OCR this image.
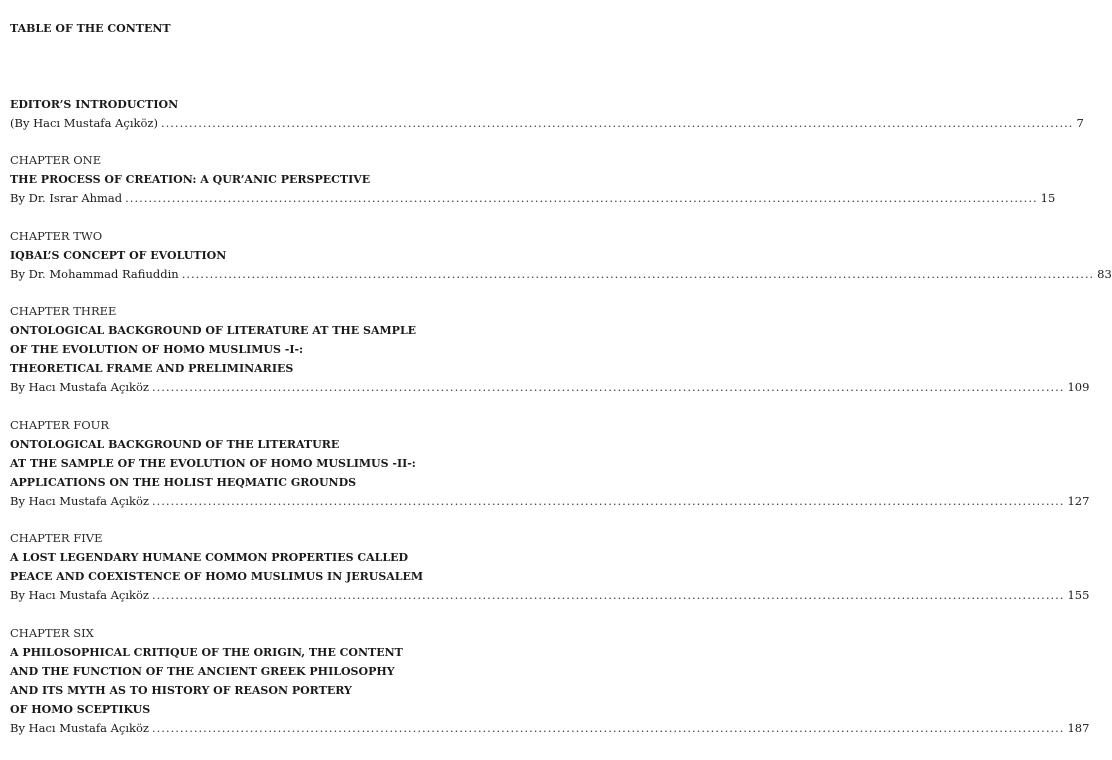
TABLE OF THE CONTENT
EDITOR’S INTRODUCTION
(By Hacı Mustafa Açıköz) .................................................................................................................................................................................................... 7
CHAPTER ONE
THE PROCESS OF CREATION: A QUR’ANIC PERSPECTIVE
By Dr. Israr Ahmad .................................................................................................................................................................................................... 15
CHAPTER TWO
IQBAL’S CONCEPT OF EVOLUTION
By Dr. Mohammad Rafiuddin .................................................................................................................................................................................................... 83
CHAPTER THREE
ONTOLOGICAL BACKGROUND OF LITERATURE AT THE SAMPLE
OF THE EVOLUTION OF HOMO MUSLIMUS -I-:
THEORETICAL FRAME AND PRELIMINARIES
By Hacı Mustafa Açıköz .................................................................................................................................................................................................... 109
CHAPTER FOUR
ONTOLOGICAL BACKGROUND OF THE LITERATURE
AT THE SAMPLE OF THE EVOLUTION OF HOMO MUSLIMUS -II-:
APPLICATIONS ON THE HOLIST HEQMATIC GROUNDS
By Hacı Mustafa Açıköz .................................................................................................................................................................................................... 127
CHAPTER FIVE
A LOST LEGENDARY HUMANE COMMON PROPERTIES CALLED
PEACE AND COEXISTENCE OF HOMO MUSLIMUS IN JERUSALEM
By Hacı Mustafa Açıköz .................................................................................................................................................................................................... 155
CHAPTER SIX
A PHILOSOPHICAL CRITIQUE OF THE ORIGIN, THE CONTENT
AND THE FUNCTION OF THE ANCIENT GREEK PHILOSOPHY
AND ITS MYTH AS TO HISTORY OF REASON PORTERY
OF HOMO SCEPTIKUS
By Hacı Mustafa Açıköz .................................................................................................................................................................................................... 187
